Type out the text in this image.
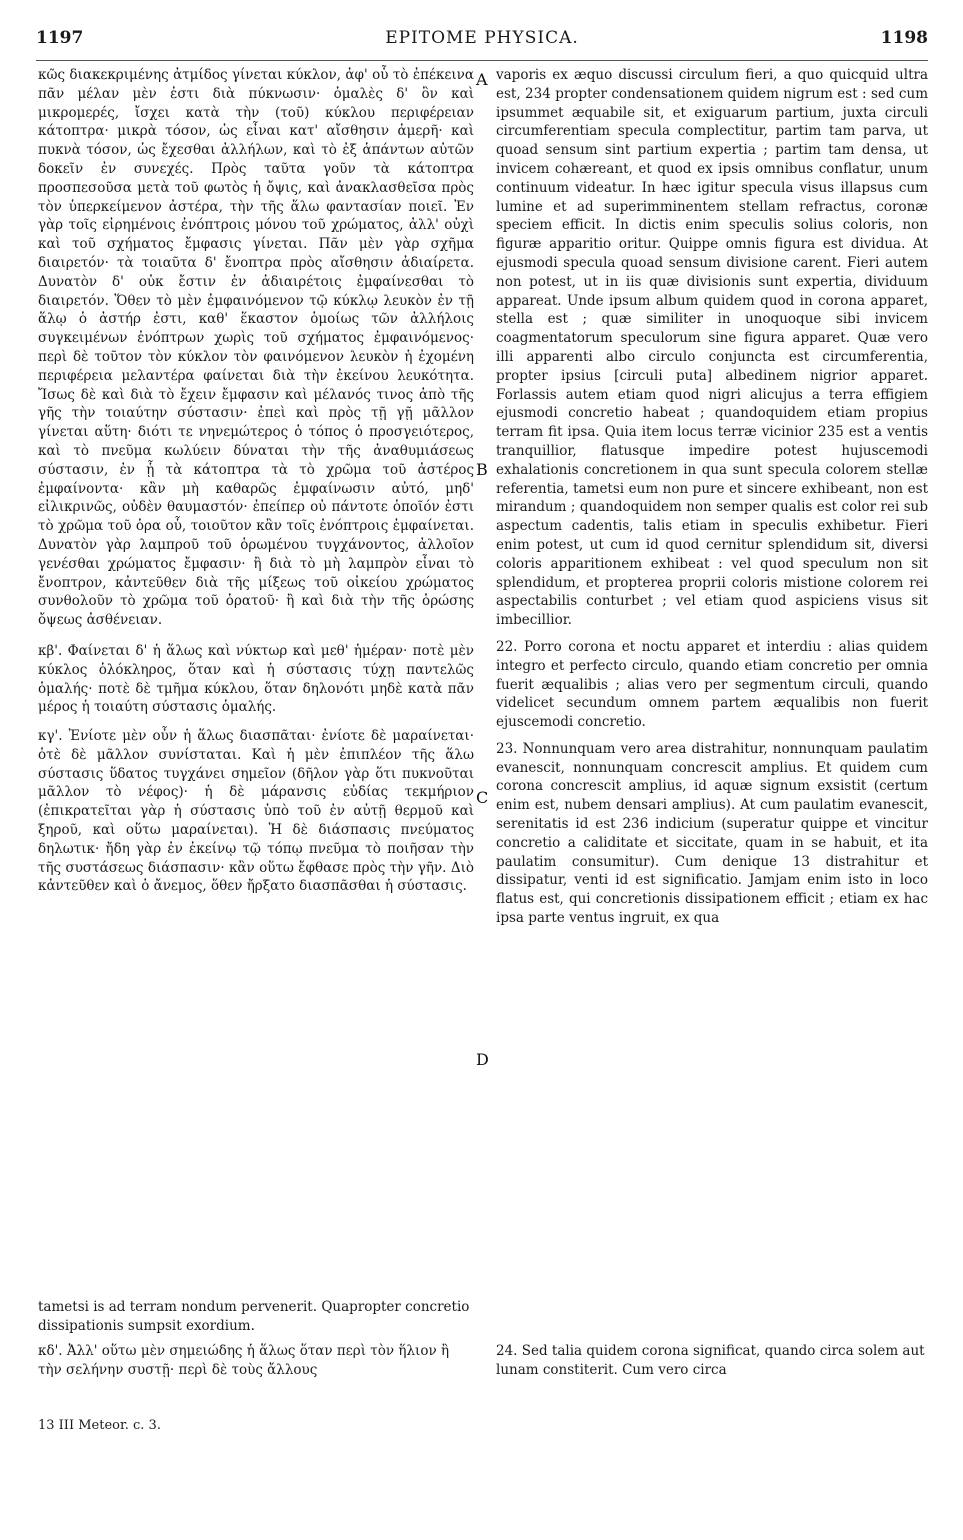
1197	EPITOME PHYSICA.	1198
A
B
C
D

κῶς διακεκριμένης ἀτμίδος γίνεται κύκλον, ἀφ' οὗ τὸ ἐπέκεινα πᾶν μέλαν μὲν ἐστι διὰ πύκνωσιν· ὁμαλὲς δ' ὂν καὶ μικρομερές, ἴσχει κατὰ τὴν (τοῦ) κύκλου περιφέρειαν κάτοπτρα· μικρὰ τόσον, ὡς εἶναι κατ' αἴσθησιν ἀμερῆ· καὶ πυκνὰ τόσον, ὡς ἔχεσθαι ἀλλήλων, καὶ τὸ ἐξ ἁπάντων αὐτῶν δοκεῖν ἐν συνεχές. Πρὸς ταῦτα γοῦν τὰ κάτοπτρα προσπεσοῦσα μετὰ τοῦ φωτὸς ἡ ὄψις, καὶ ἀνακλασθεῖσα πρὸς τὸν ὑπερκείμενον ἀστέρα, τὴν τῆς ἅλω φαντασίαν ποιεῖ. Ἐν γὰρ τοῖς εἰρημένοις ἐνόπτροις μόνου τοῦ χρώματος, ἀλλ' οὐχὶ καὶ τοῦ σχήματος ἔμφασις γίνεται. Πᾶν μὲν γὰρ σχῆμα διαιρετόν· τὰ τοιαῦτα δ' ἔνοπτρα πρὸς αἴσθησιν ἀδιαίρετα. Δυνατὸν δ' οὐκ ἔστιν ἐν ἀδιαιρέτοις ἐμφαίνεσθαι τὸ διαιρετόν. Ὅθεν τὸ μὲν ἐμφαινόμενον τῷ κύκλῳ λευκὸν ἐν τῇ ἅλῳ ὁ ἀστήρ ἐστι, καθ' ἕκαστον ὁμοίως τῶν ἀλλήλοις συγκειμένων ἐνόπτρων χωρὶς τοῦ σχήματος ἐμφαινόμενος· περὶ δὲ τοῦτον τὸν κύκλον τὸν φαινόμενον λευκὸν ἡ ἐχομένη περιφέρεια μελαντέρα φαίνεται διὰ τὴν ἐκείνου λευκότητα. Ἴσως δὲ καὶ διὰ τὸ ἔχειν ἔμφασιν καὶ μέλανός τινος ἀπὸ τῆς γῆς τὴν τοιαύτην σύστασιν· ἐπεὶ καὶ πρὸς τῇ γῇ μᾶλλον γίνεται αὕτη· διότι τε νηνεμώτερος ὁ τόπος ὁ προσγειότερος, καὶ τὸ πνεῦμα κωλύειν δύναται τὴν τῆς ἀναθυμιάσεως σύστασιν, ἐν ᾗ τὰ κάτοπτρα τὰ τὸ χρῶμα τοῦ ἀστέρος ἐμφαίνοντα· κἂν μὴ καθαρῶς ἐμφαίνωσιν αὐτό, μηδ' εἰλικρινῶς, οὐδὲν θαυμαστόν· ἐπείπερ οὐ πάντοτε ὁποῖόν ἐστι τὸ χρῶμα τοῦ ὁρα οὗ, τοιοῦτον κἂν τοῖς ἐνόπτροις ἐμφαίνεται. Δυνατὸν γὰρ λαμπροῦ τοῦ ὁρωμένου τυγχάνοντος, ἀλλοῖον γενέσθαι χρώματος ἔμφασιν· ἢ διὰ τὸ μὴ λαμπρὸν εἶναι τὸ ἔνοπτρον, κἀντεῦθεν διὰ τῆς μίξεως τοῦ οἰκείου χρώματος συνθολοῦν τὸ χρῶμα τοῦ ὁρατοῦ· ἢ καὶ διὰ τὴν τῆς ὁρώσης ὄψεως ἀσθένειαν.

κβ'. Φαίνεται δ' ἡ ἅλως καὶ νύκτωρ καὶ μεθ' ἡμέραν· ποτὲ μὲν κύκλος ὁλόκληρος, ὅταν καὶ ἡ σύστασις τύχῃ παντελῶς ὁμαλής· ποτὲ δὲ τμῆμα κύκλου, ὅταν δηλονότι μηδὲ κατὰ πᾶν μέρος ἡ τοιαύτη σύστασις ὁμαλής.

κγ'. Ἐνίοτε μὲν οὖν ἡ ἅλως διασπᾶται· ἐνίοτε δὲ μαραίνεται· ὁτὲ δὲ μᾶλλον συνίσταται. Καὶ ἡ μὲν ἐπιπλέον τῆς ἅλω σύστασις ὕδατος τυγχάνει σημεῖον (δῆλον γὰρ ὅτι πυκνοῦται μᾶλλον τὸ νέφος)· ἡ δὲ μάρανσις εὐδίας τεκμήριον (ἐπικρατεῖται γὰρ ἡ σύστασις ὑπὸ τοῦ ἐν αὐτῇ θερμοῦ καὶ ξηροῦ, καὶ οὕτω μαραίνεται). Ἡ δὲ διάσπασις πνεύματος δηλωτικ· ἤδη γὰρ ἐν ἐκείνῳ τῷ τόπῳ πνεῦμα τὸ ποιῆσαν τὴν τῆς συστάσεως διάσπασιν· κἂν οὕτω ἔφθασε πρὸς τὴν γῆν. Διὸ κἀντεῦθεν καὶ ὁ ἄνεμος, ὅθεν ἤρξατο διασπᾶσθαι ἡ σύστασις.

vaporis ex æquo discussi circulum fieri, a quo quicquid ultra est, 234 propter condensationem quidem nigrum est : sed cum ipsummet æquabile sit, et exiguarum partium, juxta circuli circumferentiam specula complectitur, partim tam parva, ut quoad sensum sint partium expertia ; partim tam densa, ut invicem cohæreant, et quod ex ipsis omnibus conflatur, unum continuum videatur. In hæc igitur specula visus illapsus cum lumine et ad superimminentem stellam refractus, coronæ speciem efficit. In dictis enim speculis solius coloris, non figuræ apparitio oritur. Quippe omnis figura est dividua. At ejusmodi specula quoad sensum divisione carent. Fieri autem non potest, ut in iis quæ divisionis sunt expertia, dividuum appareat. Unde ipsum album quidem quod in corona apparet, stella est ; quæ similiter in unoquoque sibi invicem coagmentatorum speculorum sine figura apparet. Quæ vero illi apparenti albo circulo conjuncta est circumferentia, propter ipsius [circuli puta] albedinem nigrior apparet. Forlassis autem etiam quod nigri alicujus a terra effigiem ejusmodi concretio habeat ; quandoquidem etiam propius terram fit ipsa. Quia item locus terræ vicinior 235 est a ventis tranquillior, flatusque impedire potest hujuscemodi exhalationis concretionem in qua sunt specula colorem stellæ referentia, tametsi eum non pure et sincere exhibeant, non est mirandum ; quandoquidem non semper qualis est color rei sub aspectum cadentis, talis etiam in speculis exhibetur. Fieri enim potest, ut cum id quod cernitur splendidum sit, diversi coloris apparitionem exhibeat : vel quod speculum non sit splendidum, et propterea proprii coloris mistione colorem rei aspectabilis conturbet ; vel etiam quod aspiciens visus sit imbecillior.

22. Porro corona et noctu apparet et interdiu : alias quidem integro et perfecto circulo, quando etiam concretio per omnia fuerit æqualibis ; alias vero per segmentum circuli, quando videlicet secundum omnem partem æqualibis non fuerit ejuscemodi concretio.

23. Nonnunquam vero area distrahitur, nonnunquam paulatim evanescit, nonnunquam concrescit amplius. Et quidem cum corona concrescit amplius, id aquæ signum exsistit (certum enim est, nubem densari amplius). At cum paulatim evanescit, serenitatis id est 236 indicium (superatur quippe et vincitur concretio a caliditate et siccitate, quam in se habuit, et ita paulatim consumitur). Cum denique 13 distrahitur et dissipatur, venti id est significatio. Jamjam enim isto in loco flatus est, qui concretionis dissipationem efficit ; etiam ex hac ipsa parte ventus ingruit, ex qua

tametsi is ad terram nondum pervenerit. Quapropter concretio dissipationis sumpsit exordium.
κδ'. Ἀλλ' οὕτω μὲν σημειώδης ἡ ἅλως ὅταν περὶ τὸν ἥλιον ἢ τὴν σελήνην συστῇ· περὶ δὲ τοὺς ἄλλους
24. Sed talia quidem corona significat, quando circa solem aut lunam constiterit. Cum vero circa
13 III Meteor. c. 3.
